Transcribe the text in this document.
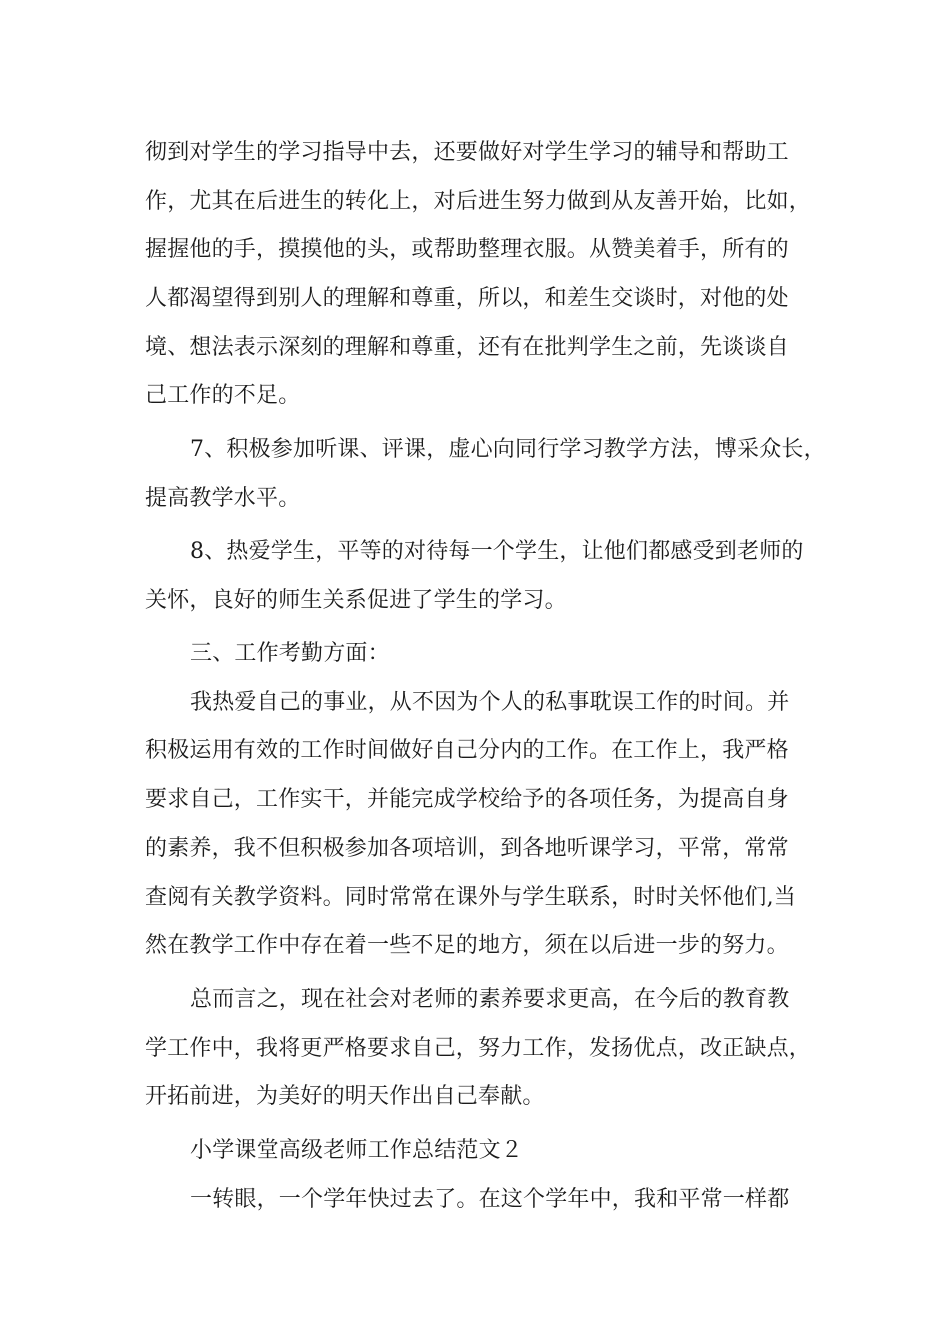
彻到对学生的学习指导中去，还要做好对学生学习的辅导和帮助工
作，尤其在后进生的转化上，对后进生努力做到从友善开始，比如，
握握他的手，摸摸他的头，或帮助整理衣服。从赞美着手，所有的
人都渴望得到别人的理解和尊重，所以，和差生交谈时，对他的处
境、想法表示深刻的理解和尊重，还有在批判学生之前，先谈谈自
己工作的不足。
7、积极参加听课、评课，虚心向同行学习教学方法，博采众长，
提高教学水平。
8、热爱学生，平等的对待每一个学生，让他们都感受到老师的
关怀，良好的师生关系促进了学生的学习。
三、工作考勤方面：
我热爱自己的事业，从不因为个人的私事耽误工作的时间。并
积极运用有效的工作时间做好自己分内的工作。在工作上，我严格
要求自己，工作实干，并能完成学校给予的各项任务，为提高自身
的素养，我不但积极参加各项培训，到各地听课学习，平常，常常
查阅有关教学资料。同时常常在课外与学生联系，时时关怀他们,当
然在教学工作中存在着一些不足的地方，须在以后进一步的努力。
总而言之，现在社会对老师的素养要求更高，在今后的教育教
学工作中，我将更严格要求自己，努力工作，发扬优点，改正缺点，
开拓前进，为美好的明天作出自己奉献。
小学课堂高级老师工作总结范文２
一转眼，一个学年快过去了。在这个学年中，我和平常一样都
